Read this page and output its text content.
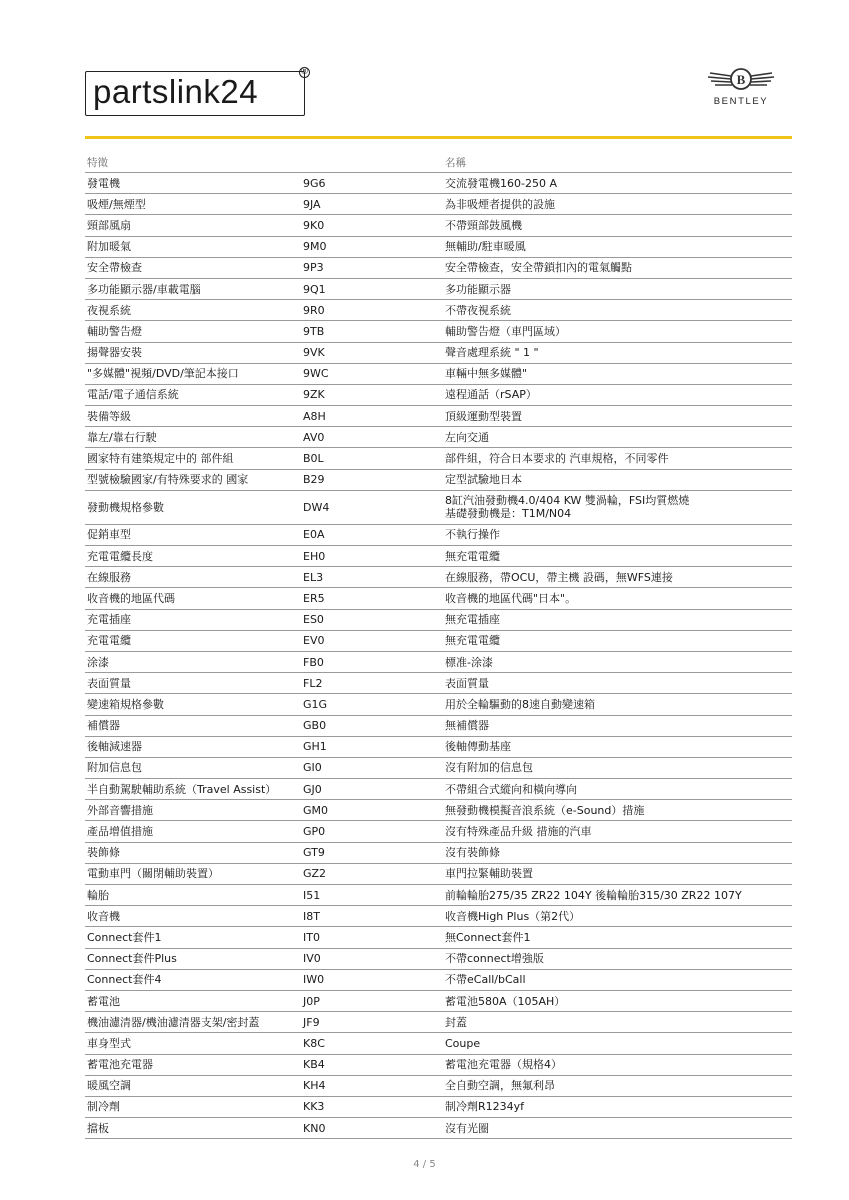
partslink24
®	B
BENTLEY
特徵		名稱
發電機	9G6	交流發電機160-250 A
吸煙/無煙型	9JA	為非吸煙者提供的設施
頸部風扇	9K0	不帶頸部鼓風機
附加暖氣	9M0	無輔助/駐車暖風
安全帶檢查	9P3	安全帶檢查，安全帶鎖扣內的電氣觸點
多功能顯示器/車載電腦	9Q1	多功能顯示器
夜視系統	9R0	不帶夜視系統
輔助警告燈	9TB	輔助警告燈（車門區域）
揚聲器安裝	9VK	聲音處理系統 " 1 "
"多媒體"視頻/DVD/筆記本接口	9WC	車輛中無多媒體"
電話/電子通信系統	9ZK	遠程通話（rSAP）
裝備等級	A8H	頂級運動型裝置
靠左/靠右行駛	AV0	左向交通
國家特有建築規定中的 部件組	B0L	部件組，符合日本要求的 汽車規格，不同零件
型號檢驗國家/有特殊要求的 國家	B29	定型試驗地日本
發動機規格參數	DW4	8缸汽油發動機4.0/404 KW 雙渦輪，FSI均質燃燒
基礎發動機是：T1M/N04

促銷車型	E0A	不執行操作
充電電纜長度	EH0	無充電電纜
在線服務	EL3	在線服務，帶OCU，帶主機 設碼，無WFS連接
收音機的地區代碼	ER5	收音機的地區代碼"日本"。
充電插座	ES0	無充電插座
充電電纜	EV0	無充電電纜
涂漆	FB0	標准-涂漆
表面質量	FL2	表面質量
變速箱規格參數	G1G	用於全輪驅動的8速自動變速箱
補償器	GB0	無補償器
後軸減速器	GH1	後軸傳動基座
附加信息包	GI0	沒有附加的信息包
半自動駕駛輔助系統（Travel Assist）	GJ0	不帶組合式縱向和橫向導向
外部音響措施	GM0	無發動機模擬音浪系統（e-Sound）措施
產品增值措施	GP0	沒有特殊產品升級 措施的汽車
裝飾條	GT9	沒有裝飾條
電動車門（關閉輔助裝置）	GZ2	車門拉緊輔助裝置
輪胎	I51	前輪輪胎275/35 ZR22 104Y 後輪輪胎315/30 ZR22 107Y
收音機	I8T	收音機High Plus（第2代）
Connect套件1	IT0	無Connect套件1
Connect套件Plus	IV0	不帶connect增強版
Connect套件4	IW0	不帶eCall/bCall
蓄電池	J0P	蓄電池580A（105AH）
機油濾清器/機油濾清器支架/密封蓋	JF9	封蓋
車身型式	K8C	Coupe
蓄電池充電器	KB4	蓄電池充電器（規格4）
暖風空調	KH4	全自動空調，無氟利昂
制冷劑	KK3	制冷劑R1234yf
擋板	KN0	沒有光圈
4 / 5
